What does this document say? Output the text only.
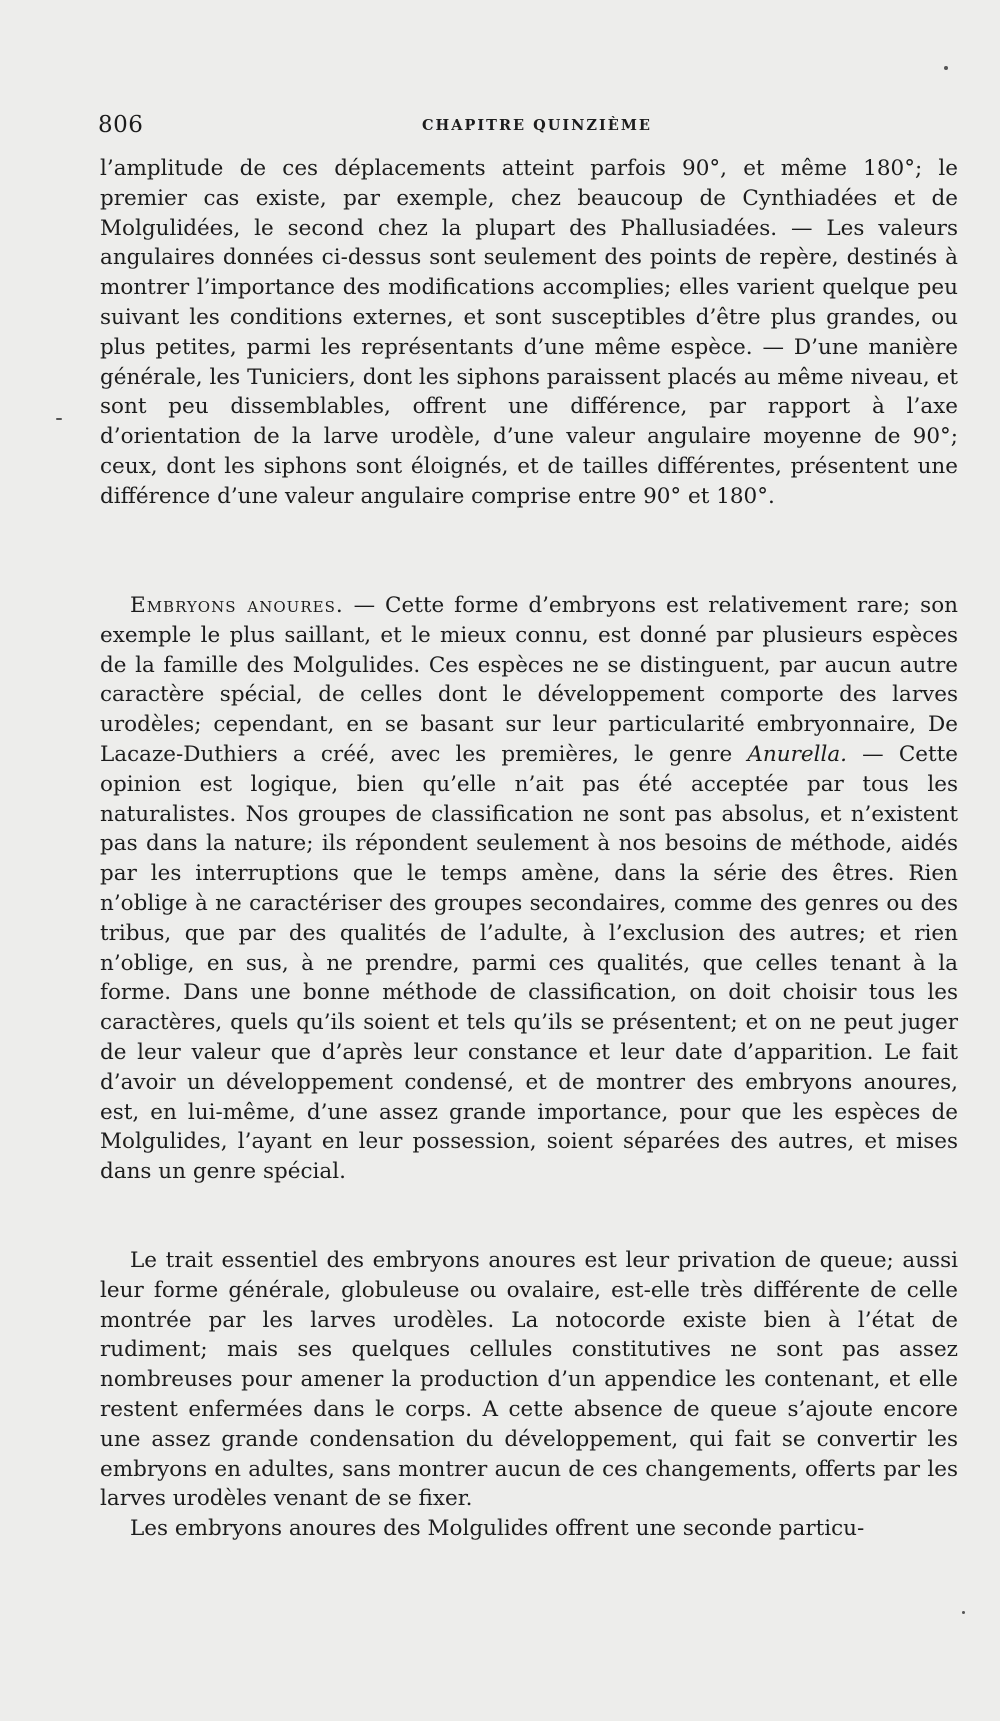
806	CHAPITRE QUINZIÈME

l’amplitude de ces déplacements atteint parfois 90°, et même 180°; le premier cas existe, par exemple, chez beaucoup de Cynthiadées et de Molgulidées, le second chez la plupart des Phallusiadées. — Les valeurs angulaires données ci-dessus sont seulement des points de repère, destinés à montrer l’importance des modifications accomplies; elles varient quelque peu suivant les conditions externes, et sont susceptibles d’être plus grandes, ou plus petites, parmi les représentants d’une même espèce. — D’une manière générale, les Tuniciers, dont les siphons paraissent placés au même niveau, et sont peu dissemblables, offrent une différence, par rapport à l’axe d’orientation de la larve urodèle, d’une valeur angulaire moyenne de 90°; ceux, dont les siphons sont éloignés, et de tailles différentes, présentent une différence d’une valeur angulaire comprise entre 90° et 180°.

Embryons anoures. — Cette forme d’embryons est relativement rare; son exemple le plus saillant, et le mieux connu, est donné par plusieurs espèces de la famille des Molgulides. Ces espèces ne se distinguent, par aucun autre caractère spécial, de celles dont le développement comporte des larves urodèles; cependant, en se basant sur leur particularité embryonnaire, De Lacaze-Duthiers a créé, avec les premières, le genre Anurella. — Cette opinion est logique, bien qu’elle n’ait pas été acceptée par tous les naturalistes. Nos groupes de classification ne sont pas absolus, et n’existent pas dans la nature; ils répondent seulement à nos besoins de méthode, aidés par les interruptions que le temps amène, dans la série des êtres. Rien n’oblige à ne caractériser des groupes secondaires, comme des genres ou des tribus, que par des qualités de l’adulte, à l’exclusion des autres; et rien n’oblige, en sus, à ne prendre, parmi ces qualités, que celles tenant à la forme. Dans une bonne méthode de classification, on doit choisir tous les caractères, quels qu’ils soient et tels qu’ils se présentent; et on ne peut juger de leur valeur que d’après leur constance et leur date d’apparition. Le fait d’avoir un développement condensé, et de montrer des embryons anoures, est, en lui-même, d’une assez grande importance, pour que les espèces de Molgulides, l’ayant en leur possession, soient séparées des autres, et mises dans un genre spécial.

Le trait essentiel des embryons anoures est leur privation de queue; aussi leur forme générale, globuleuse ou ovalaire, est-elle très différente de celle montrée par les larves urodèles. La notocorde existe bien à l’état de rudiment; mais ses quelques cellules constitutives ne sont pas assez nombreuses pour amener la production d’un appendice les contenant, et elle restent enfermées dans le corps. A cette absence de queue s’ajoute encore une assez grande condensation du développement, qui fait se convertir les embryons en adultes, sans montrer aucun de ces changements, offerts par les larves urodèles venant de se fixer.

Les embryons anoures des Molgulides offrent une seconde particu-
